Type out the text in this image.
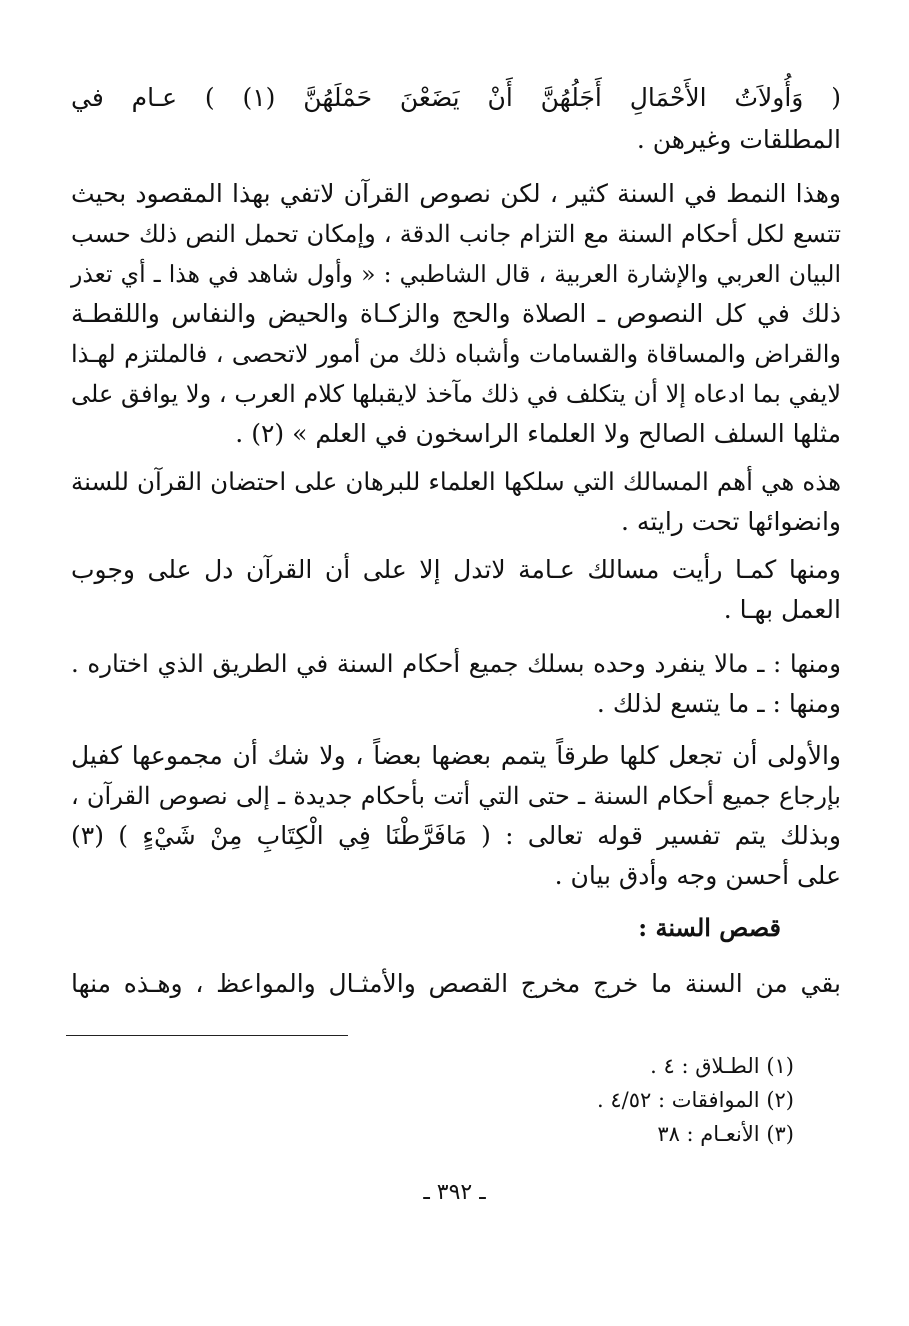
( وَأُولاَتُ الأَحْمَالِ أَجَلُهُنَّ أَنْ يَضَعْنَ حَمْلَهُنَّ (١) ) عـام في
المطلقات وغيرهن .
وهذا النمط في السنة كثير ، لكن نصوص القرآن لاتفي بهذا المقصود بحيث
تتسع لكل أحكام السنة مع التزام جانب الدقة ، وإمكان تحمل النص ذلك حسب
البيان العربي والإشارة العربية ، قال الشاطبي : « وأول شاهد في هذا ـ أي تعذر
ذلك في كل النصوص ـ الصلاة والحج والزكـاة والحيض والنفاس واللقطـة
والقراض والمساقاة والقسامات وأشباه ذلك من أمور لاتحصى ، فالملتزم لهـذا
لايفي بما ادعاه إلا أن يتكلف في ذلك مآخذ لايقبلها كلام العرب ، ولا يوافق على
مثلها السلف الصالح ولا العلماء الراسخون في العلم » (٢) .
هذه هي أهم المسالك التي سلكها العلماء للبرهان على احتضان القرآن للسنة
وانضوائها تحت رايته .
ومنها كمـا رأيت مسالك عـامة لاتدل إلا على أن القرآن دل على وجوب
العمل بهـا .
ومنها : ـ مالا ينفرد وحده بسلك جميع أحكام السنة في الطريق الذي اختاره .
ومنها : ـ ما يتسع لذلك .
والأولى أن تجعل كلها طرقاً يتمم بعضها بعضاً ، ولا شك أن مجموعها كفيل
بإرجاع جميع أحكام السنة ـ حتى التي أتت بأحكام جديدة ـ إلى نصوص القرآن ،
وبذلك يتم تفسير قوله تعالى : ( مَافَرَّطْنَا فِي الْكِتَابِ مِنْ شَيْءٍ ) (٣)
على أحسن وجه وأدق بيان .
قصص السنة :
بقي من السنة ما خرج مخرج القصص والأمثـال والمواعظ ، وهـذه منها
(١) الطـلاق : ٤ .
(٢) الموافقات : ٤/٥٢ .
(٣) الأنعـام : ٣٨
ـ ٣٩٢ ـ
